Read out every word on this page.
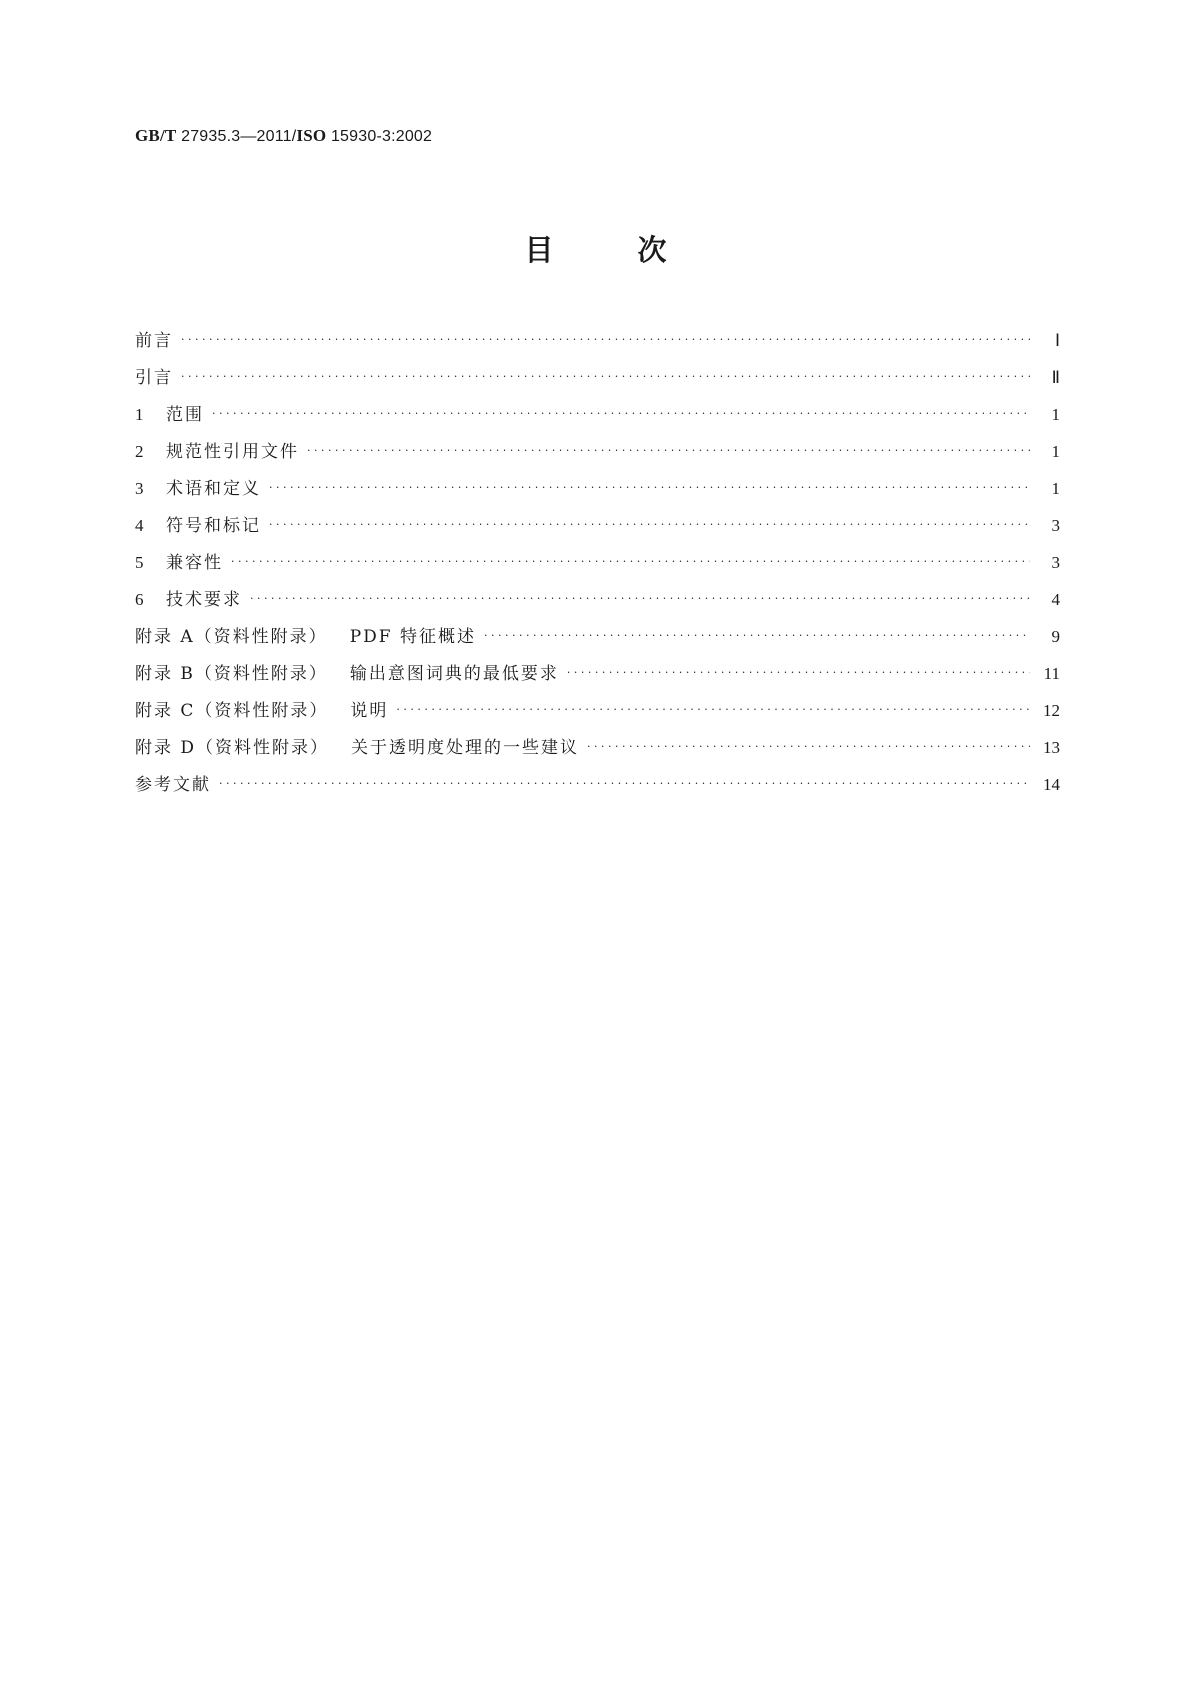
GB/T 27935.3—2011/ISO 15930-3:2002
目	次
前言 ·····	Ⅰ
引言 ·····	Ⅱ
1	范围 ·····	1
2	规范性引用文件 ·····	1
3	术语和定义 ·····	1
4	符号和标记 ·····	3
5	兼容性 ·····	3
6	技术要求 ·····	4
附录 A（资料性附录） PDF 特征概述 ·····	9
附录 B（资料性附录） 输出意图词典的最低要求 ·····	11
附录 C（资料性附录） 说明 ·····	12
附录 D（资料性附录） 关于透明度处理的一些建议 ·····	13
参考文献 ·····	14
